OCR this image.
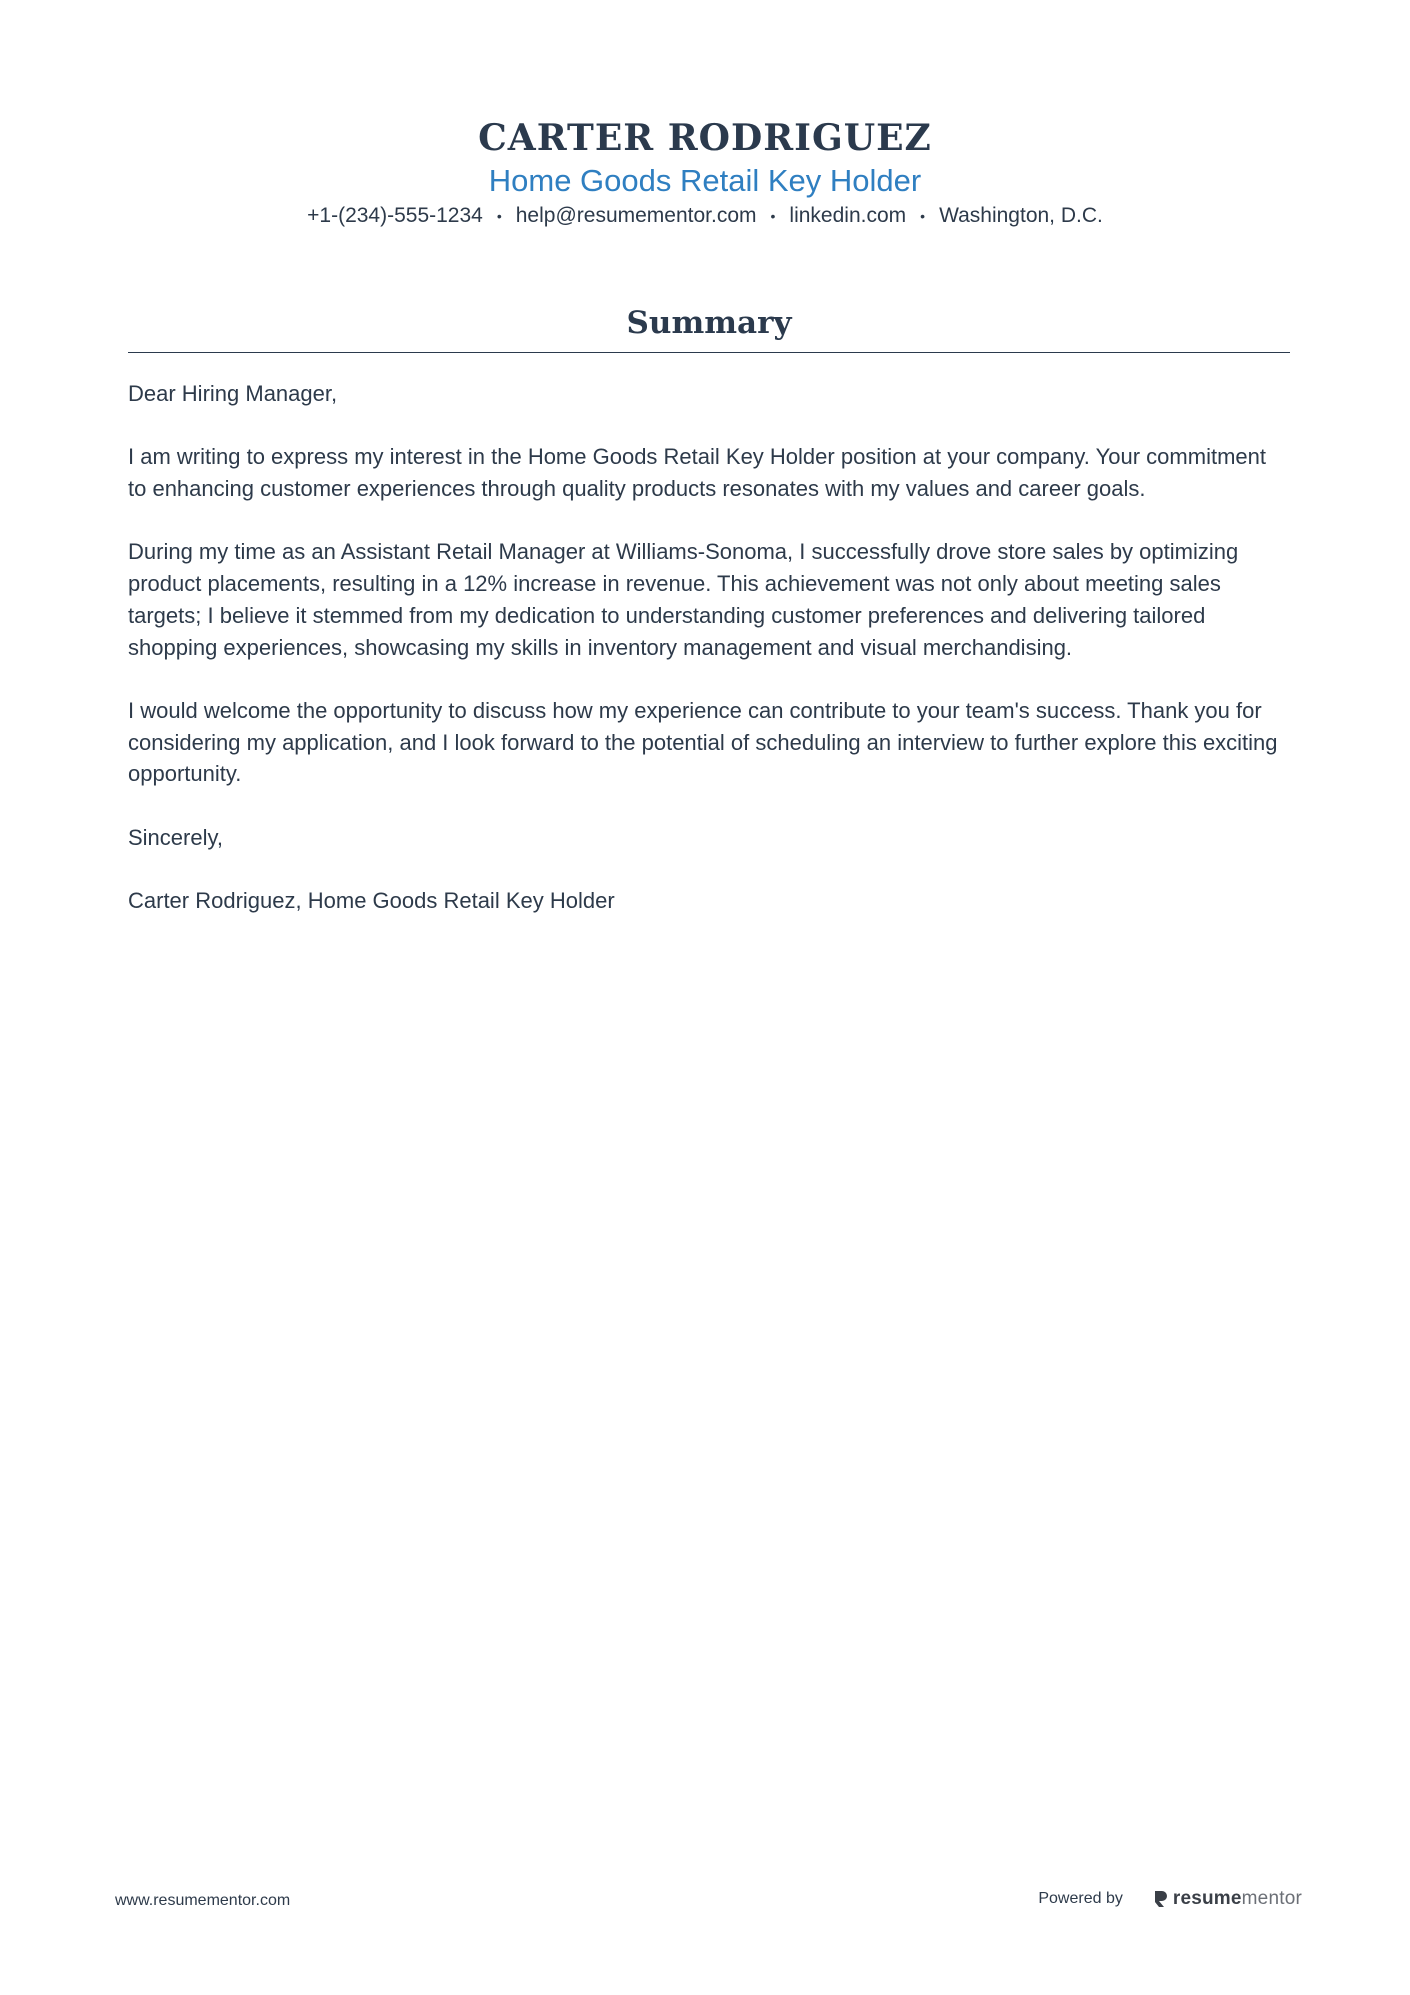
CARTER RODRIGUEZ
Home Goods Retail Key Holder
+1-(234)-555-1234 • help@resumementor.com • linkedin.com • Washington, D.C.
Summary

Dear Hiring Manager,

I am writing to express my interest in the Home Goods Retail Key Holder position at your company. Your commitment to enhancing customer experiences through quality products resonates with my values and career goals.

During my time as an Assistant Retail Manager at Williams-Sonoma, I successfully drove store sales by optimizing product placements, resulting in a 12% increase in revenue. This achievement was not only about meeting sales targets; I believe it stemmed from my dedication to understanding customer preferences and delivering tailored shopping experiences, showcasing my skills in inventory management and visual merchandising.

I would welcome the opportunity to discuss how my experience can contribute to your team's success. Thank you for considering my application, and I look forward to the potential of scheduling an interview to further explore this exciting opportunity.

Sincerely,

Carter Rodriguez, Home Goods Retail Key Holder

www.resumementor.com	Powered by	resume mentor
